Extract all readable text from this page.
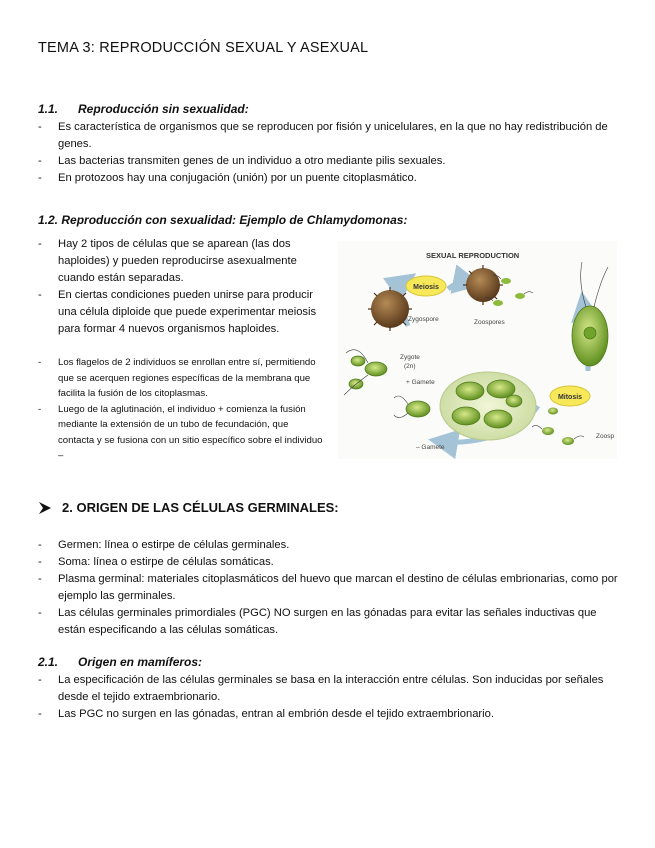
TEMA 3: REPRODUCCIÓN SEXUAL Y ASEXUAL
1.1. Reproducción sin sexualidad:
- Es característica de organismos que se reproducen por fisión y unicelulares, en la que no hay redistribución de genes.
- Las bacterias transmiten genes de un individuo a otro mediante pilis sexuales.
- En protozoos hay una conjugación (unión) por un puente citoplasmático.
1.2. Reproducción con sexualidad: Ejemplo de Chlamydomonas:
- Hay 2 tipos de células que se aparean (las dos haploides) y pueden reproducirse asexualmente cuando están separadas.
- En ciertas condiciones pueden unirse para producir una célula diploide que puede experimentar meiosis para formar 4 nuevos organismos haploides.
- Los flagelos de 2 individuos se enrollan entre sí, permitiendo que se acerquen regiones específicas de la membrana que facilita la fusión de los citoplasmas.
- Luego de la aglutinación, el individuo + comienza la fusión mediante la extensión de un tubo de fecundación, que contacta y se fusiona con un sitio específico sobre el individuo –
SEXUAL REPRODUCTION
Meiosis
Zygospore	Zoospores
Zygote
(2n)
+ Gamete
– Gamete
Mitosis
Zoosp
2. ORIGEN DE LAS CÉLULAS GERMINALES:
- Germen: línea o estirpe de células germinales.
- Soma: línea o estirpe de células somáticas.
- Plasma germinal: materiales citoplasmáticos del huevo que marcan el destino de células embrionarias, como por ejemplo las germinales.
- Las células germinales primordiales (PGC) NO surgen en las gónadas para evitar las señales inductivas que están especificando a las células somáticas.
2.1. Origen en mamíferos:
- La especificación de las células germinales se basa en la interacción entre células. Son inducidas por señales desde el tejido extraembrionario.
- Las PGC no surgen en las gónadas, entran al embrión desde el tejido extraembrionario.
